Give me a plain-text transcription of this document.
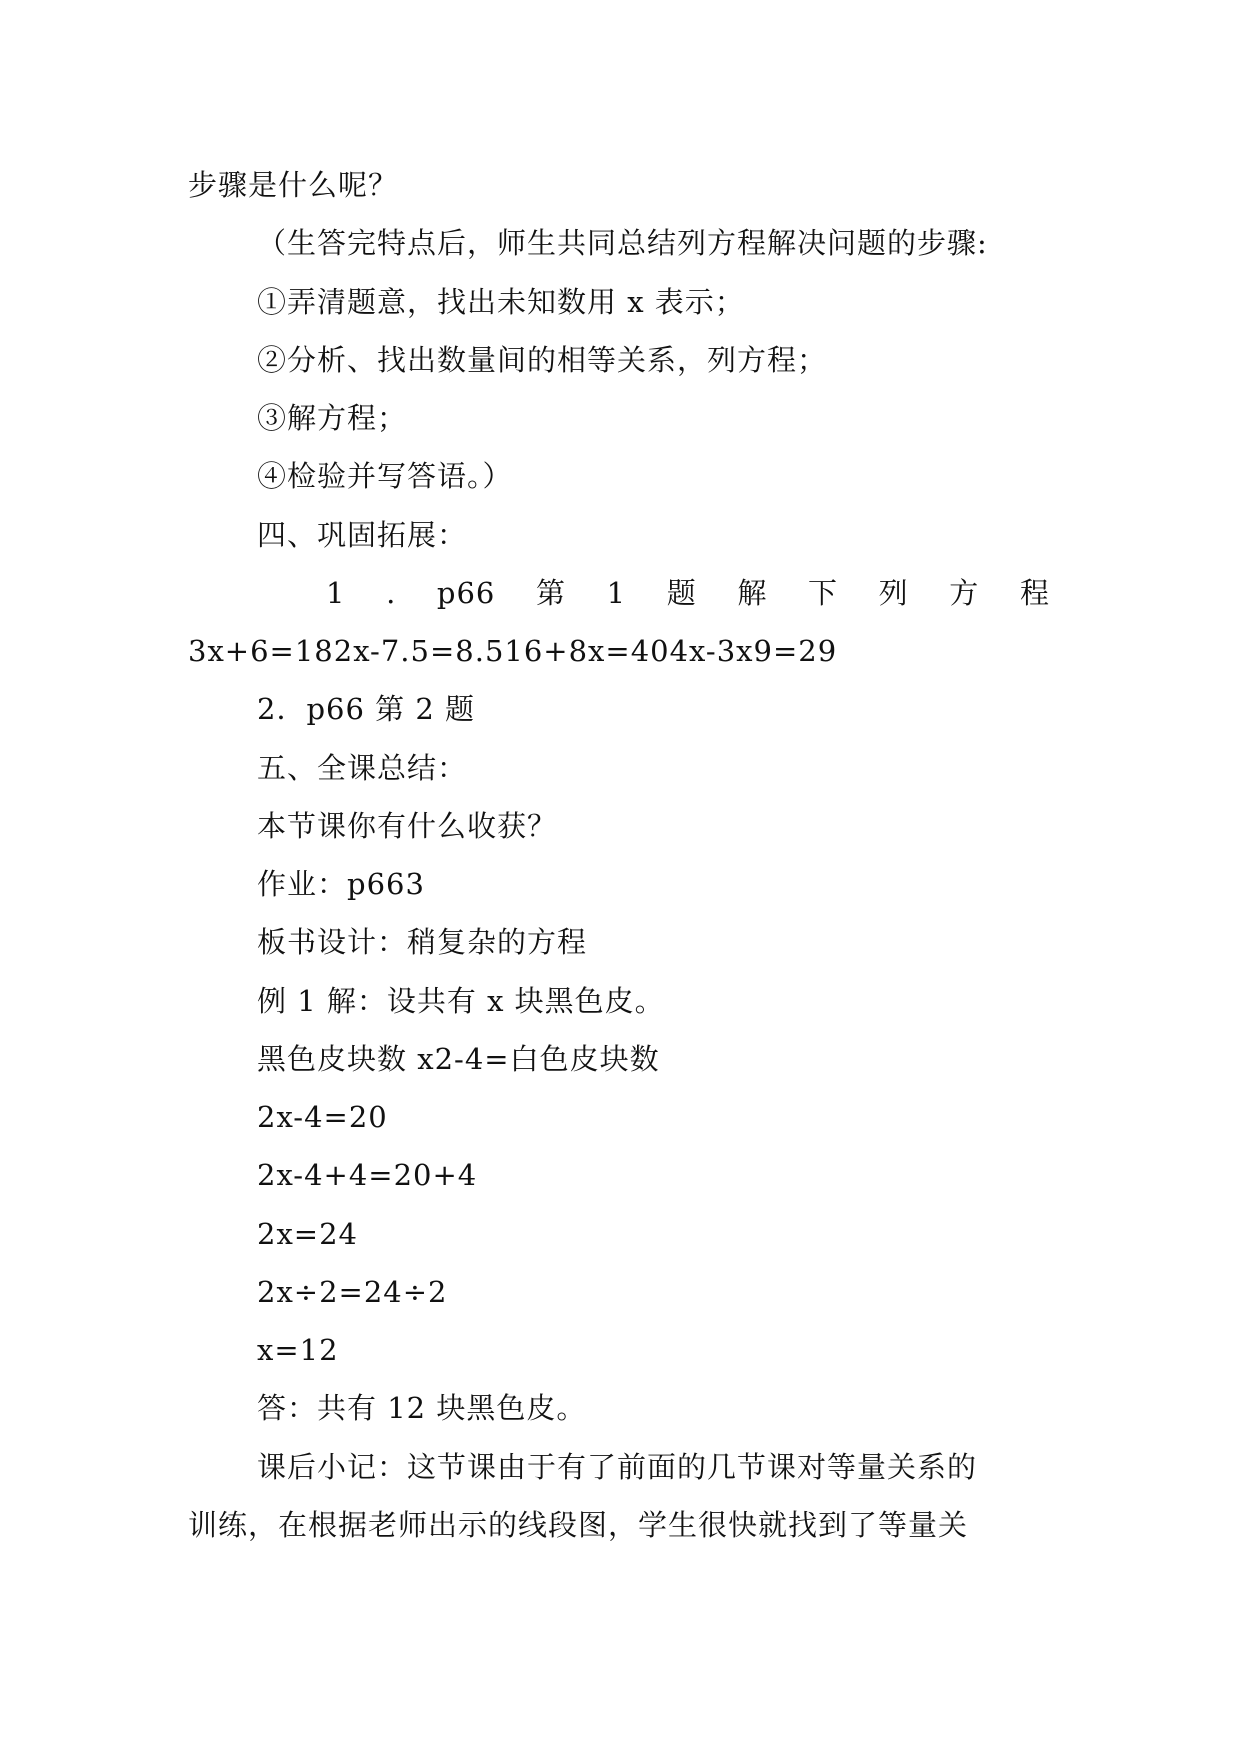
步骤是什么呢？
（生答完特点后，师生共同总结列方程解决问题的步骤:
①弄清题意，找出未知数用 x 表示；
②分析、找出数量间的相等关系，列方程；
③解方程；
④检验并写答语。）
四、巩固拓展：
1 . p66 第 1 题 解 下 列 方 程
3x+6=182x-7.5=8.516+8x=404x-3x9=29
2．p66 第 2 题
五、全课总结：
本节课你有什么收获？
作业：p663
板书设计：稍复杂的方程
例 1 解：设共有 x 块黑色皮。
黑色皮块数 x2-4=白色皮块数
2x-4=20
2x-4+4=20+4
2x=24
2x÷2=24÷2
x=12
答：共有 12 块黑色皮。
课后小记：这节课由于有了前面的几节课对等量关系的
训练，在根据老师出示的线段图，学生很快就找到了等量关
